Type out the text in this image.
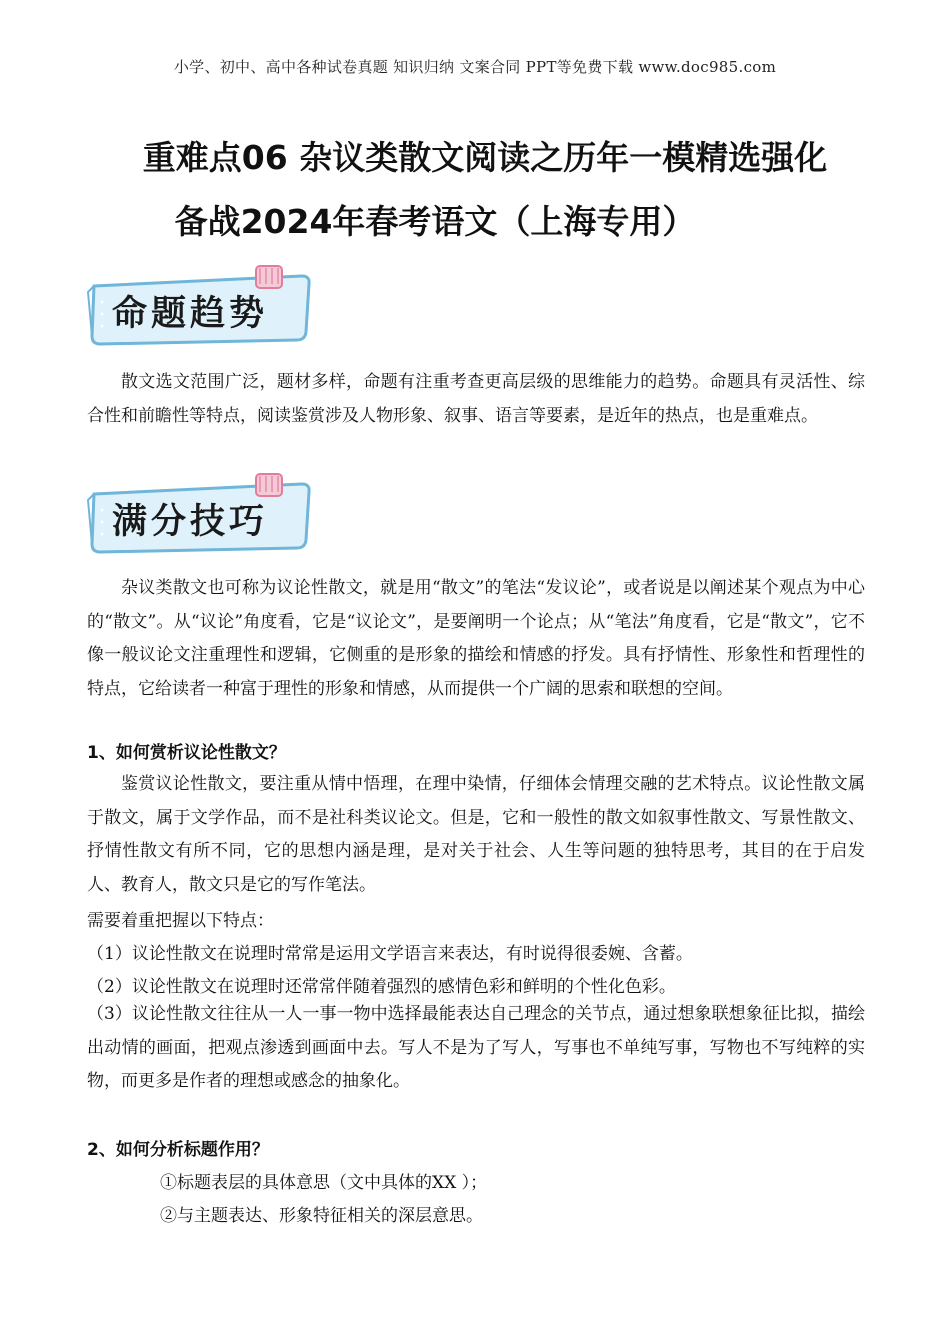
小学、初中、高中各种试卷真题 知识归纳 文案合同 PPT等免费下载 www.doc985.com
重难点06 杂议类散文阅读之历年一模精选强化
备战2024年春考语文（上海专用）
命题趋势
散文选文范围广泛，题材多样，命题有注重考查更高层级的思维能力的趋势。命题具有灵活性、综合性和前瞻性等特点，阅读鉴赏涉及人物形象、叙事、语言等要素，是近年的热点，也是重难点。
满分技巧
杂议类散文也可称为议论性散文，就是用“散文”的笔法“发议论”，或者说是以阐述某个观点为中心的“散文”。从“议论”角度看，它是“议论文”，是要阐明一个论点；从“笔法”角度看，它是“散文”，它不像一般议论文注重理性和逻辑，它侧重的是形象的描绘和情感的抒发。具有抒情性、形象性和哲理性的特点，它给读者一种富于理性的形象和情感，从而提供一个广阔的思索和联想的空间。
1、如何赏析议论性散文？
鉴赏议论性散文，要注重从情中悟理，在理中染情，仔细体会情理交融的艺术特点。议论性散文属于散文，属于文学作品，而不是社科类议论文。但是，它和一般性的散文如叙事性散文、写景性散文、抒情性散文有所不同，它的思想内涵是理，是对关于社会、人生等问题的独特思考，其目的在于启发人、教育人，散文只是它的写作笔法。
需要着重把握以下特点：
（1）议论性散文在说理时常常是运用文学语言来表达，有时说得很委婉、含蓄。
（2）议论性散文在说理时还常常伴随着强烈的感情色彩和鲜明的个性化色彩。
（3）议论性散文往往从一人一事一物中选择最能表达自己理念的关节点，通过想象联想象征比拟，描绘出动情的画面，把观点渗透到画面中去。写人不是为了写人，写事也不单纯写事，写物也不写纯粹的实物，而更多是作者的理想或感念的抽象化。
2、如何分析标题作用？
①标题表层的具体意思（文中具体的XX ）；
②与主题表达、形象特征相关的深层意思。
